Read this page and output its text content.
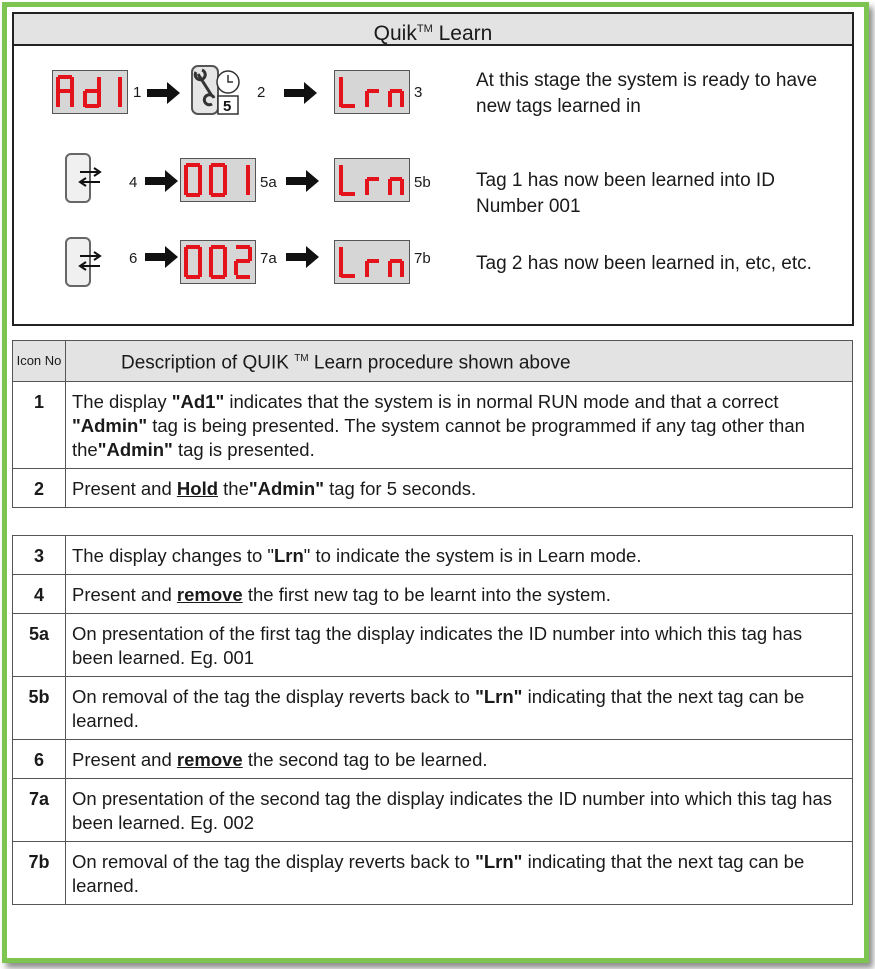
Quik™ Learn
1
5
2	3
At this stage the system is ready to have new tags learned in
4	5a	5b Tag 1 has now been learned into ID Number 001
6	7a	7b Tag 2 has now been learned in, etc, etc.
Icon No	Description of QUIK ™ Learn procedure shown above
1	The display "Ad1" indicates that the system is in normal RUN mode and that a correct "Admin" tag is being presented. The system cannot be programmed if any tag other than the"Admin" tag is presented.
2	Present and Hold the"Admin" tag for 5 seconds.
3	The display changes to "Lrn" to indicate the system is in Learn mode.
4	Present and remove the first new tag to be learnt into the system.
5a	On presentation of the first tag the display indicates the ID number into which this tag has been learned. Eg. 001
5b	On removal of the tag the display reverts back to "Lrn" indicating that the next tag can be learned.
6	Present and remove the second tag to be learned.
7a	On presentation of the second tag the display indicates the ID number into which this tag has been learned. Eg. 002
7b	On removal of the tag the display reverts back to "Lrn" indicating that the next tag can be learned.
